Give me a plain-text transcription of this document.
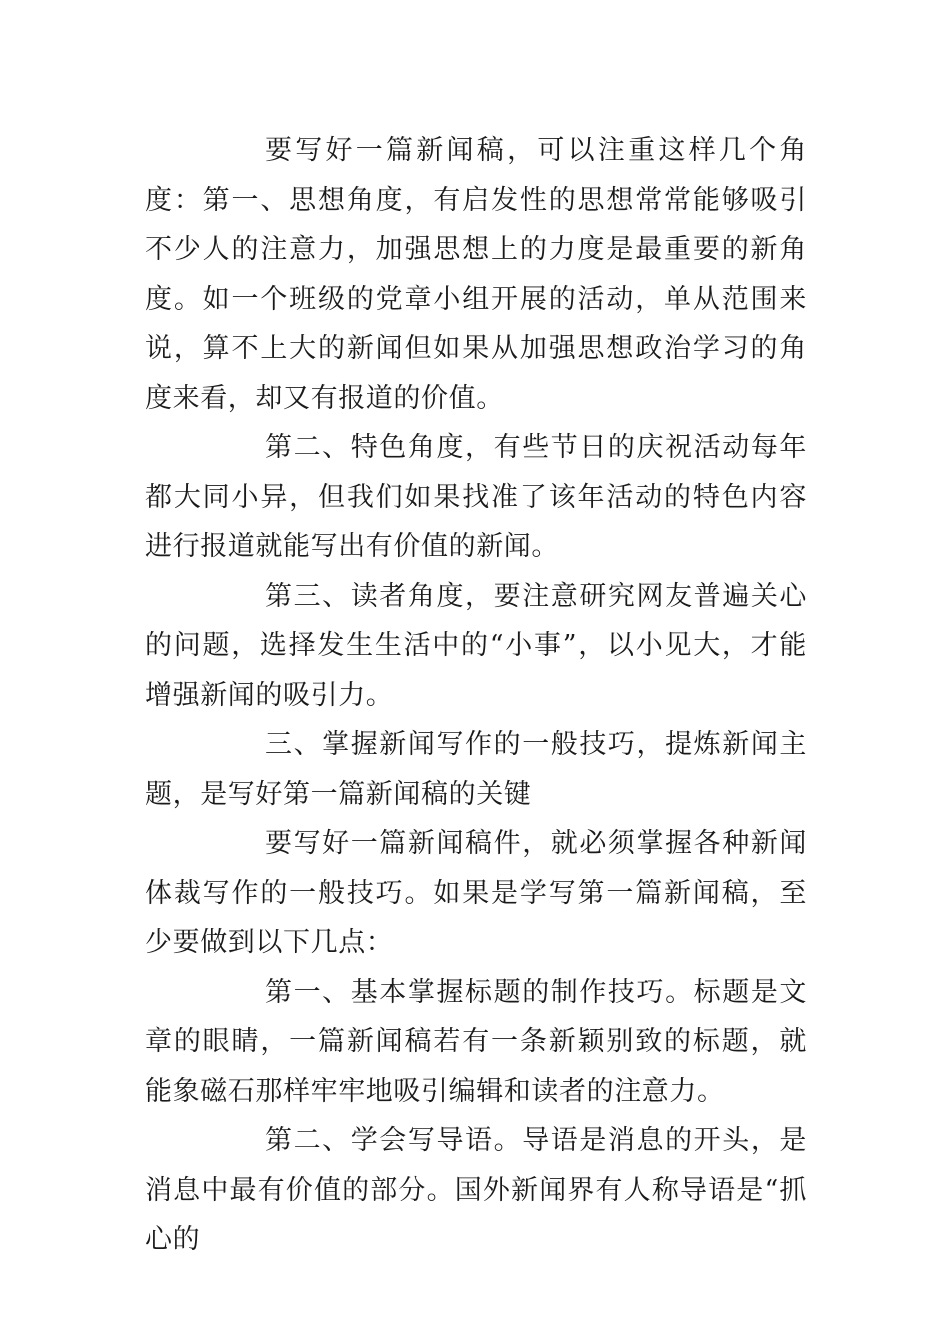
要写好一篇新闻稿，可以注重这样几个角度：第一、思想角度，有启发性的思想常常能够吸引不少人的注意力，加强思想上的力度是最重要的新角度。如一个班级的党章小组开展的活动，单从范围来说，算不上大的新闻但如果从加强思想政治学习的角度来看，却又有报道的价值。

第二、特色角度，有些节日的庆祝活动每年都大同小异，但我们如果找准了该年活动的特色内容进行报道就能写出有价值的新闻。

第三、读者角度，要注意研究网友普遍关心的问题，选择发生生活中的“小事”，以小见大，才能增强新闻的吸引力。

三、掌握新闻写作的一般技巧，提炼新闻主题，是写好第一篇新闻稿的关键

要写好一篇新闻稿件，就必须掌握各种新闻体裁写作的一般技巧。如果是学写第一篇新闻稿，至少要做到以下几点：

第一、基本掌握标题的制作技巧。标题是文章的眼睛，一篇新闻稿若有一条新颖别致的标题，就能象磁石那样牢牢地吸引编辑和读者的注意力。

第二、学会写导语。导语是消息的开头，是消息中最有价值的部分。国外新闻界有人称导语是“抓心的
